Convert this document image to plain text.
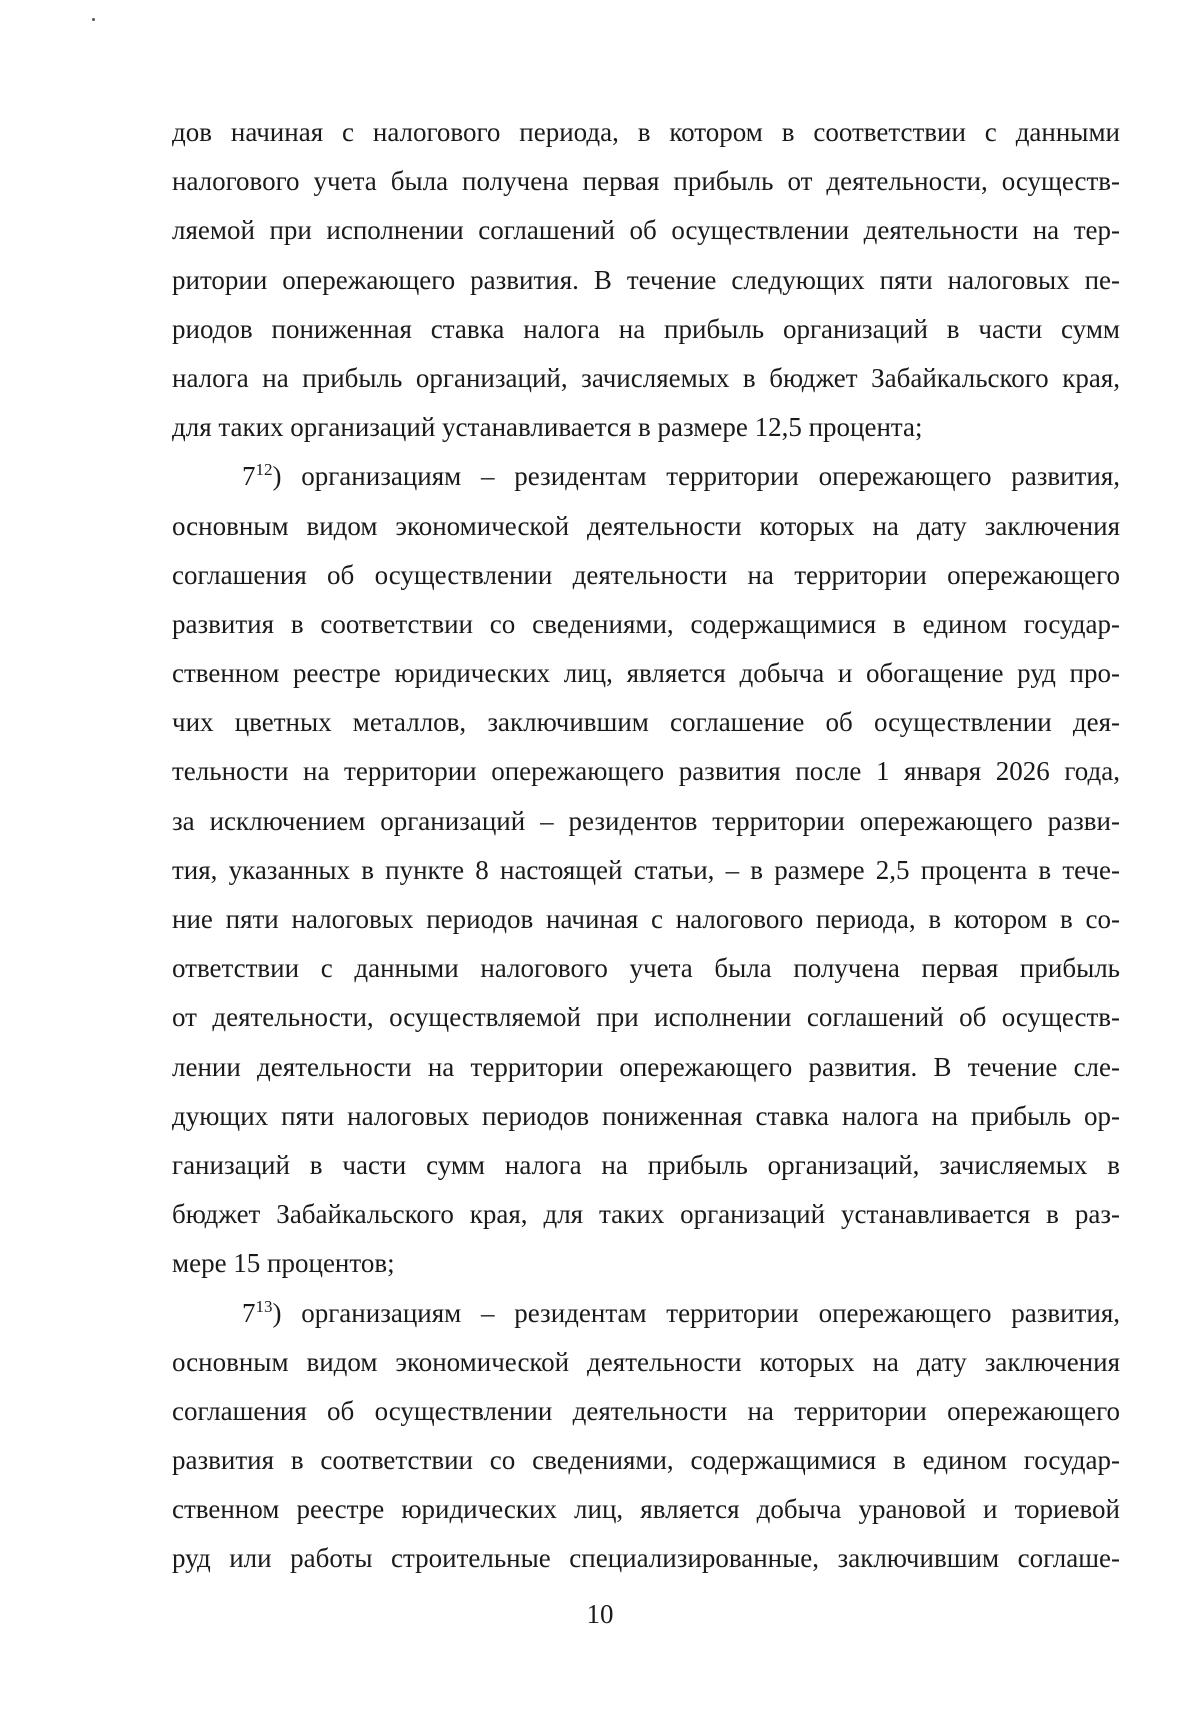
дов начиная с налогового периода, в котором в соответствии с данными
налогового учета была получена первая прибыль от деятельности, осуществ-
ляемой при исполнении соглашений об осуществлении деятельности на тер-
ритории опережающего развития. В течение следующих пяти налоговых пе-
риодов пониженная ставка налога на прибыль организаций в части сумм
налога на прибыль организаций, зачисляемых в бюджет Забайкальского края,
для таких организаций устанавливается в размере 12,5 процента;
$7^{12}$) организациям – резидентам территории опережающего развития,
основным видом экономической деятельности которых на дату заключения
соглашения об осуществлении деятельности на территории опережающего
развития в соответствии со сведениями, содержащимися в едином государ-
ственном реестре юридических лиц, является добыча и обогащение руд про-
чих цветных металлов, заключившим соглашение об осуществлении дея-
тельности на территории опережающего развития после 1 января 2026 года,
за исключением организаций – резидентов территории опережающего разви-
тия, указанных в пункте 8 настоящей статьи, – в размере 2,5 процента в тече-
ние пяти налоговых периодов начиная с налогового периода, в котором в со-
ответствии с данными налогового учета была получена первая прибыль
от деятельности, осуществляемой при исполнении соглашений об осуществ-
лении деятельности на территории опережающего развития. В течение сле-
дующих пяти налоговых периодов пониженная ставка налога на прибыль ор-
ганизаций в части сумм налога на прибыль организаций, зачисляемых в
бюджет Забайкальского края, для таких организаций устанавливается в раз-
мере 15 процентов;
$7^{13}$) организациям – резидентам территории опережающего развития,
основным видом экономической деятельности которых на дату заключения
соглашения об осуществлении деятельности на территории опережающего
развития в соответствии со сведениями, содержащимися в едином государ-
ственном реестре юридических лиц, является добыча урановой и ториевой
руд или работы строительные специализированные, заключившим соглаше-
10
